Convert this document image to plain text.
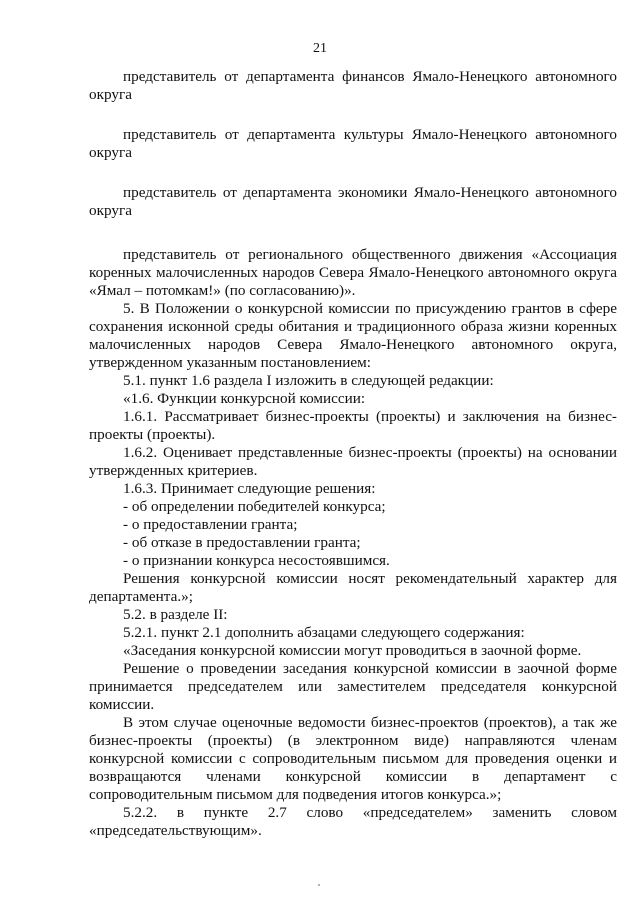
21

представитель от департамента финансов Ямало-Ненецкого автономного округа

представитель от департамента культуры Ямало-Ненецкого автономного округа

представитель от департамента экономики Ямало-Ненецкого автономного округа

представитель от регионального общественного движения «Ассоциация коренных малочисленных народов Севера Ямало-Ненецкого автономного округа «Ямал – потомкам!» (по согласованию)».

5. В Положении о конкурсной комиссии по присуждению грантов в сфере сохранения исконной среды обитания и традиционного образа жизни коренных малочисленных народов Севера Ямало-Ненецкого автономного округа, утвержденном указанным постановлением:

5.1. пункт 1.6 раздела I изложить в следующей редакции:

«1.6. Функции конкурсной комиссии:

1.6.1. Рассматривает бизнес-проекты (проекты) и заключения на бизнес-проекты (проекты).

1.6.2. Оценивает представленные бизнес-проекты (проекты) на основании утвержденных критериев.

1.6.3. Принимает следующие решения:

- об определении победителей конкурса;

- о предоставлении гранта;

- об отказе в предоставлении гранта;

- о признании конкурса несостоявшимся.

Решения конкурсной комиссии носят рекомендательный характер для департамента.»;

5.2. в разделе II:

5.2.1. пункт 2.1 дополнить абзацами следующего содержания:

«Заседания конкурсной комиссии могут проводиться в заочной форме.

Решение о проведении заседания конкурсной комиссии в заочной форме принимается председателем или заместителем председателя конкурсной комиссии.

В этом случае оценочные ведомости бизнес-проектов (проектов), а так же бизнес-проекты (проекты) (в электронном виде) направляются членам конкурсной комиссии с сопроводительным письмом для проведения оценки и возвращаются членами конкурсной комиссии в департамент с сопроводительным письмом для подведения итогов конкурса.»;

5.2.2. в пункте 2.7 слово «председателем» заменить словом «председательствующим».
